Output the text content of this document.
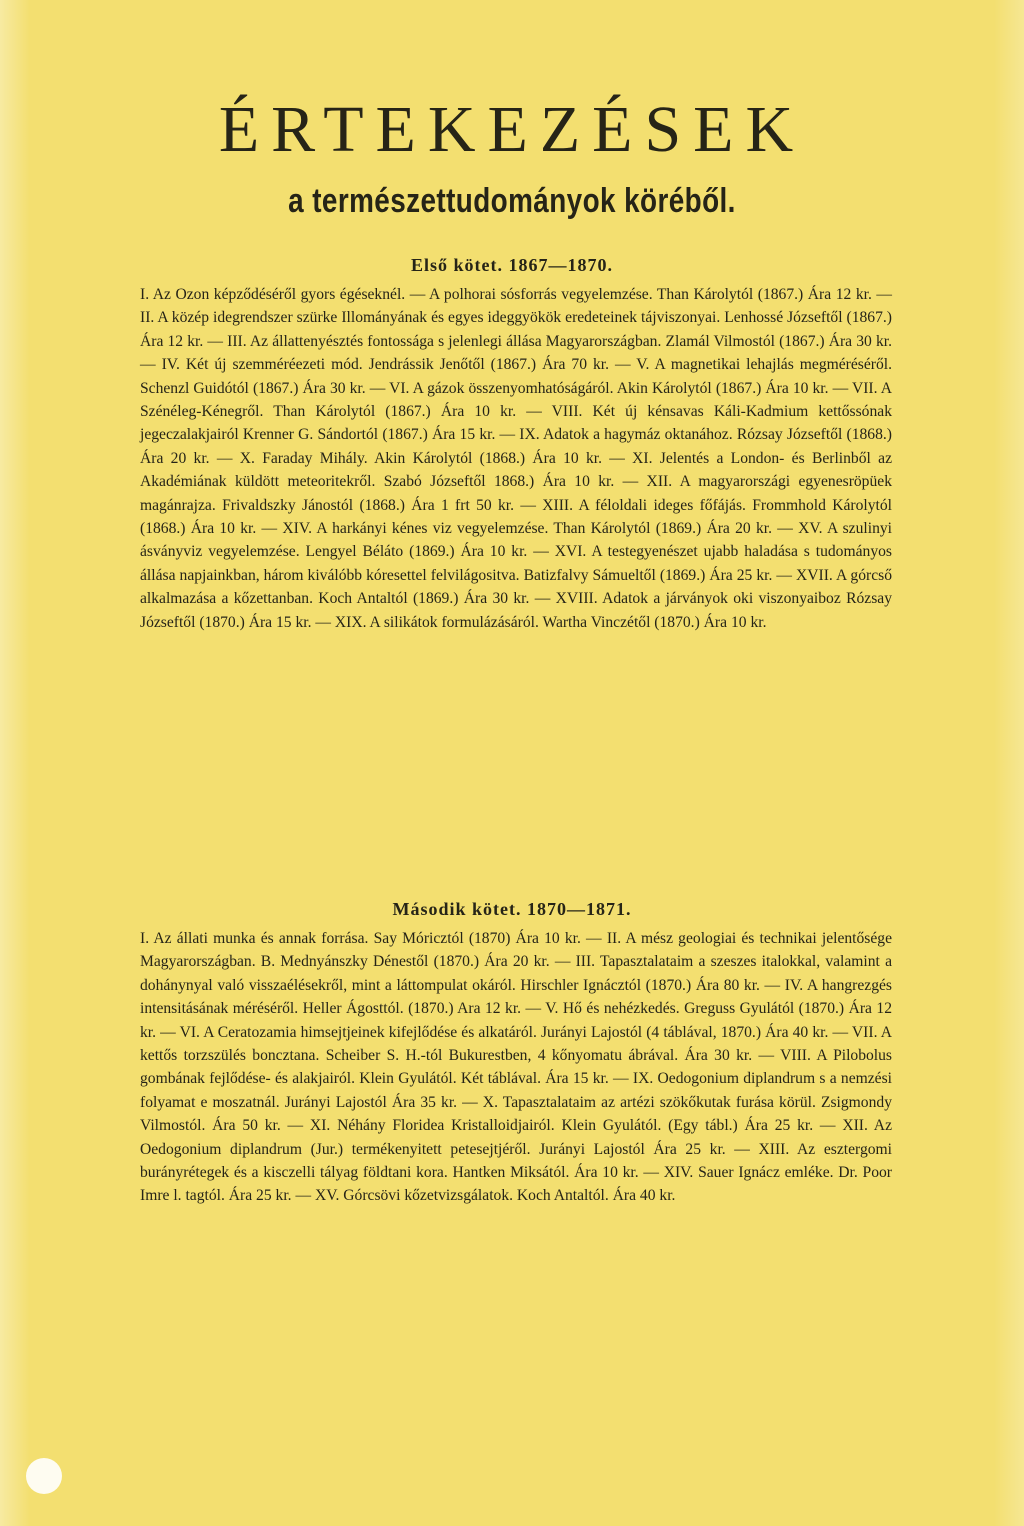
ÉRTEKEZÉSEK
a természettudományok köréből.
Első kötet. 1867—1870.

I. Az Ozon képződéséről gyors égéseknél. — A polhorai sósforrás vegyelemzése. Than Károlytól (1867.) Ára 12 kr. — II. A közép idegrendszer szürke Illományának és egyes ideggyökök eredeteinek tájviszonyai. Lenhossé Józseftől (1867.) Ára 12 kr. — III. Az állattenyésztés fontossága s jelenlegi állása Magyarországban. Zlamál Vilmostól (1867.) Ára 30 kr. — IV. Két új szemméréezeti mód. Jendrássik Jenőtől (1867.) Ára 70 kr. — V. A magnetikai lehajlás megméréséről. Schenzl Guidótól (1867.) Ára 30 kr. — VI. A gázok összenyomhatóságáról. Akin Károlytól (1867.) Ára 10 kr. — VII. A Szénéleg-Kénegről. Than Károlytól (1867.) Ára 10 kr. — VIII. Két új kénsavas Káli-Kadmium kettőssónak jegeczalakjairól Krenner G. Sándortól (1867.) Ára 15 kr. — IX. Adatok a hagymáz oktanához. Rózsay Józseftől (1868.) Ára 20 kr. — X. Faraday Mihály. Akin Károlytól (1868.) Ára 10 kr. — XI. Jelentés a London- és Berlinből az Akadémiának küldött meteoritekről. Szabó Józseftől 1868.) Ára 10 kr. — XII. A magyarországi egyenesröpüek magánrajza. Frivaldszky Jánostól (1868.) Ára 1 frt 50 kr. — XIII. A féloldali ideges főfájás. Frommhold Károlytól (1868.) Ára 10 kr. — XIV. A harkányi kénes viz vegyelemzése. Than Károlytól (1869.) Ára 20 kr. — XV. A szulinyi ásványviz vegyelemzése. Lengyel Béláto (1869.) Ára 10 kr. — XVI. A testegyenészet ujabb haladása s tudományos állása napjainkban, három kiválóbb kóresettel felvilágositva. Batizfalvy Sámueltől (1869.) Ára 25 kr. — XVII. A górcső alkalmazása a kőzettanban. Koch Antaltól (1869.) Ára 30 kr. — XVIII. Adatok a járványok oki viszonyaiboz Rózsay Józseftől (1870.) Ára 15 kr. — XIX. A silikátok formulázásáról. Wartha Vinczétől (1870.) Ára 10 kr.

Második kötet. 1870—1871.

I. Az állati munka és annak forrása. Say Móricztól (1870) Ára 10 kr. — II. A mész geologiai és technikai jelentősége Magyarországban. B. Mednyánszky Dénestől (1870.) Ára 20 kr. — III. Tapasztalataim a szeszes italokkal, valamint a dohánynyal való visszaélésekről, mint a láttompulat okáról. Hirschler Ignácztól (1870.) Ára 80 kr. — IV. A hangrezgés intensitásának méréséről. Heller Ágosttól. (1870.) Ara 12 kr. — V. Hő és nehézkedés. Greguss Gyulától (1870.) Ára 12 kr. — VI. A Ceratozamia himsejtjeinek kifejlődése és alkatáról. Jurányi Lajostól (4 táblával, 1870.) Ára 40 kr. — VII. A kettős torzszülés boncztana. Scheiber S. H.-tól Bukurestben, 4 kőnyomatu ábrával. Ára 30 kr. — VIII. A Pilobolus gombának fejlődése- és alakjairól. Klein Gyulától. Két táblával. Ára 15 kr. — IX. Oedogonium diplandrum s a nemzési folyamat e moszatnál. Jurányi Lajostól Ára 35 kr. — X. Tapasztalataim az artézi szökőkutak furása körül. Zsigmondy Vilmostól. Ára 50 kr. — XI. Néhány Floridea Kristalloidjairól. Klein Gyulától. (Egy tábl.) Ára 25 kr. — XII. Az Oedogonium diplandrum (Jur.) termékenyitett petesejtjéről. Jurányi Lajostól Ára 25 kr. — XIII. Az esztergomi burányrétegek és a kisczelli tályag földtani kora. Hantken Miksától. Ára 10 kr. — XIV. Sauer Ignácz emléke. Dr. Poor Imre l. tagtól. Ára 25 kr. — XV. Górcsövi kőzetvizsgálatok. Koch Antaltól. Ára 40 kr.
